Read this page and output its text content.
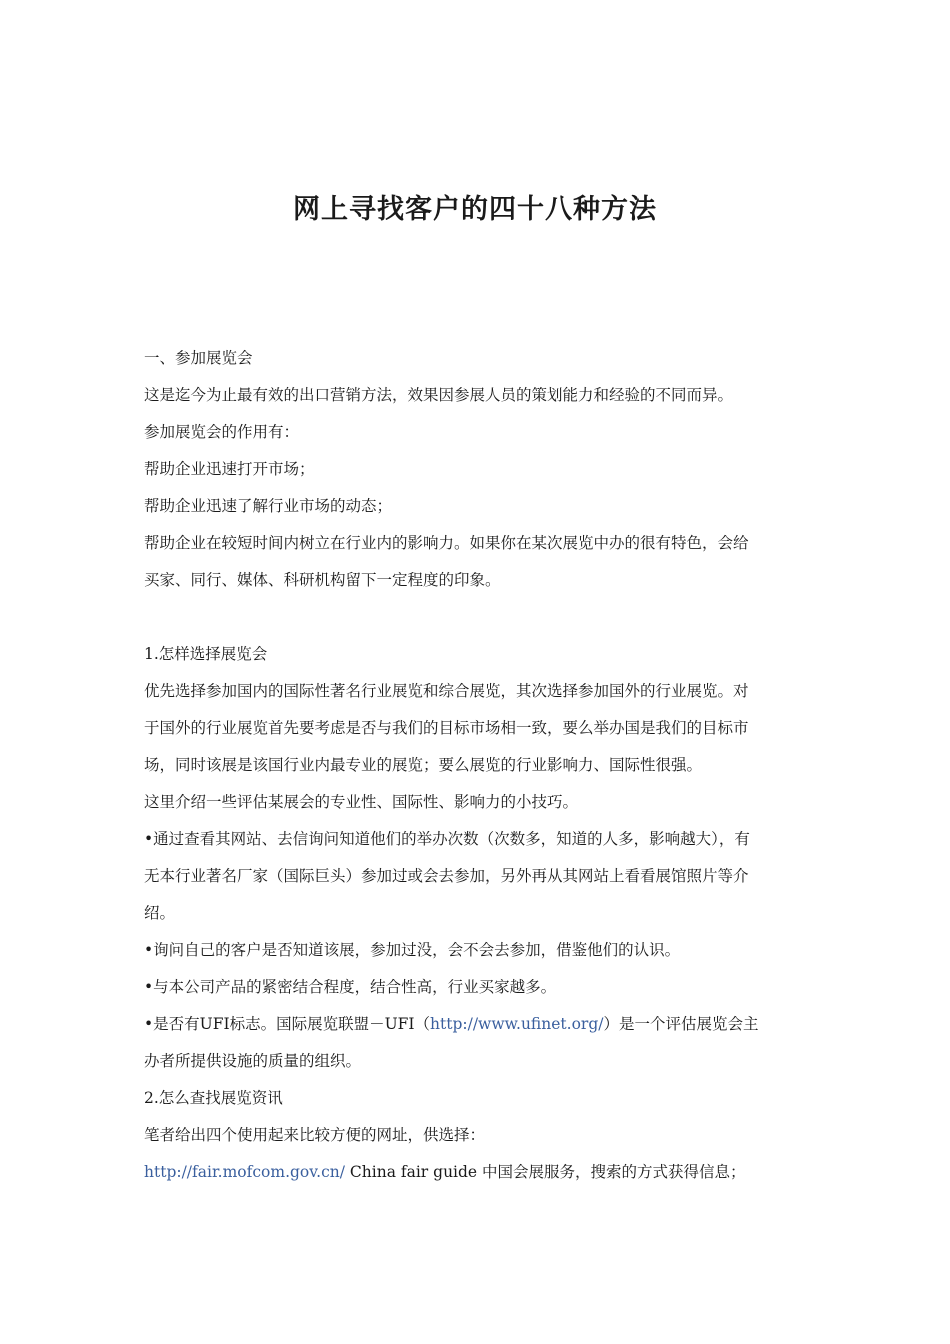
网上寻找客户的四十八种方法
一、参加展览会
这是迄今为止最有效的出口营销方法，效果因参展人员的策划能力和经验的不同而异。
参加展览会的作用有：
帮助企业迅速打开市场；
帮助企业迅速了解行业市场的动态；
帮助企业在较短时间内树立在行业内的影响力。如果你在某次展览中办的很有特色，会给
买家、同行、媒体、科研机构留下一定程度的印象。
1.怎样选择展览会
优先选择参加国内的国际性著名行业展览和综合展览，其次选择参加国外的行业展览。对
于国外的行业展览首先要考虑是否与我们的目标市场相一致，要么举办国是我们的目标市
场，同时该展是该国行业内最专业的展览；要么展览的行业影响力、国际性很强。
这里介绍一些评估某展会的专业性、国际性、影响力的小技巧。
•通过查看其网站、去信询问知道他们的举办次数（次数多，知道的人多，影响越大），有
无本行业著名厂家（国际巨头）参加过或会去参加，另外再从其网站上看看展馆照片等介
绍。
•询问自己的客户是否知道该展，参加过没，会不会去参加，借鉴他们的认识。
•与本公司产品的紧密结合程度，结合性高，行业买家越多。
•是否有UFI标志。国际展览联盟－UFI（http://www.ufinet.org/）是一个评估展览会主
办者所提供设施的质量的组织。
2.怎么查找展览资讯
笔者给出四个使用起来比较方便的网址，供选择：
http://fair.mofcom.gov.cn/ China fair guide 中国会展服务，搜索的方式获得信息；
